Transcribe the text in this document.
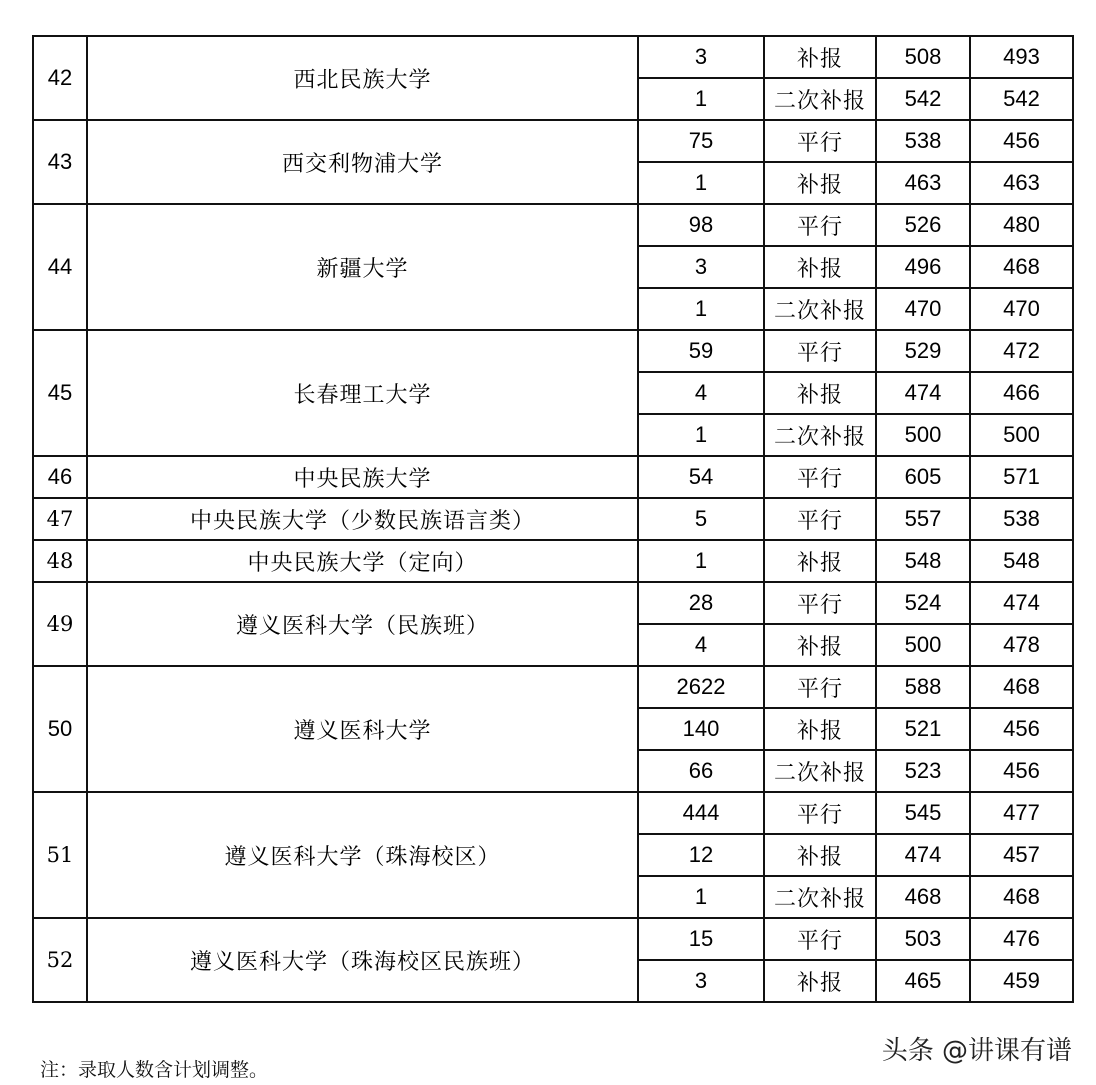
42	西北民族大学	3	补报	508	493
		1	二次补报	542	542
43	西交利物浦大学	75	平行	538	456
		1	补报	463	463
44	新疆大学	98	平行	526	480
		3	补报	496	468
		1	二次补报	470	470
45	长春理工大学	59	平行	529	472
		4	补报	474	466
		1	二次补报	500	500
46	中央民族大学	54	平行	605	571
47	中央民族大学（少数民族语言类）	5	平行	557	538
48	中央民族大学（定向）	1	补报	548	548
49	遵义医科大学（民族班）	28	平行	524	474
		4	补报	500	478
50	遵义医科大学	2622	平行	588	468
		140	补报	521	456
		66	二次补报	523	456
51	遵义医科大学（珠海校区）	444	平行	545	477
		12	补报	474	457
		1	二次补报	468	468
52	遵义医科大学（珠海校区民族班）	15	平行	503	476
		3	补报	465	459
头条 @讲课有谱
注：录取人数含计划调整。
